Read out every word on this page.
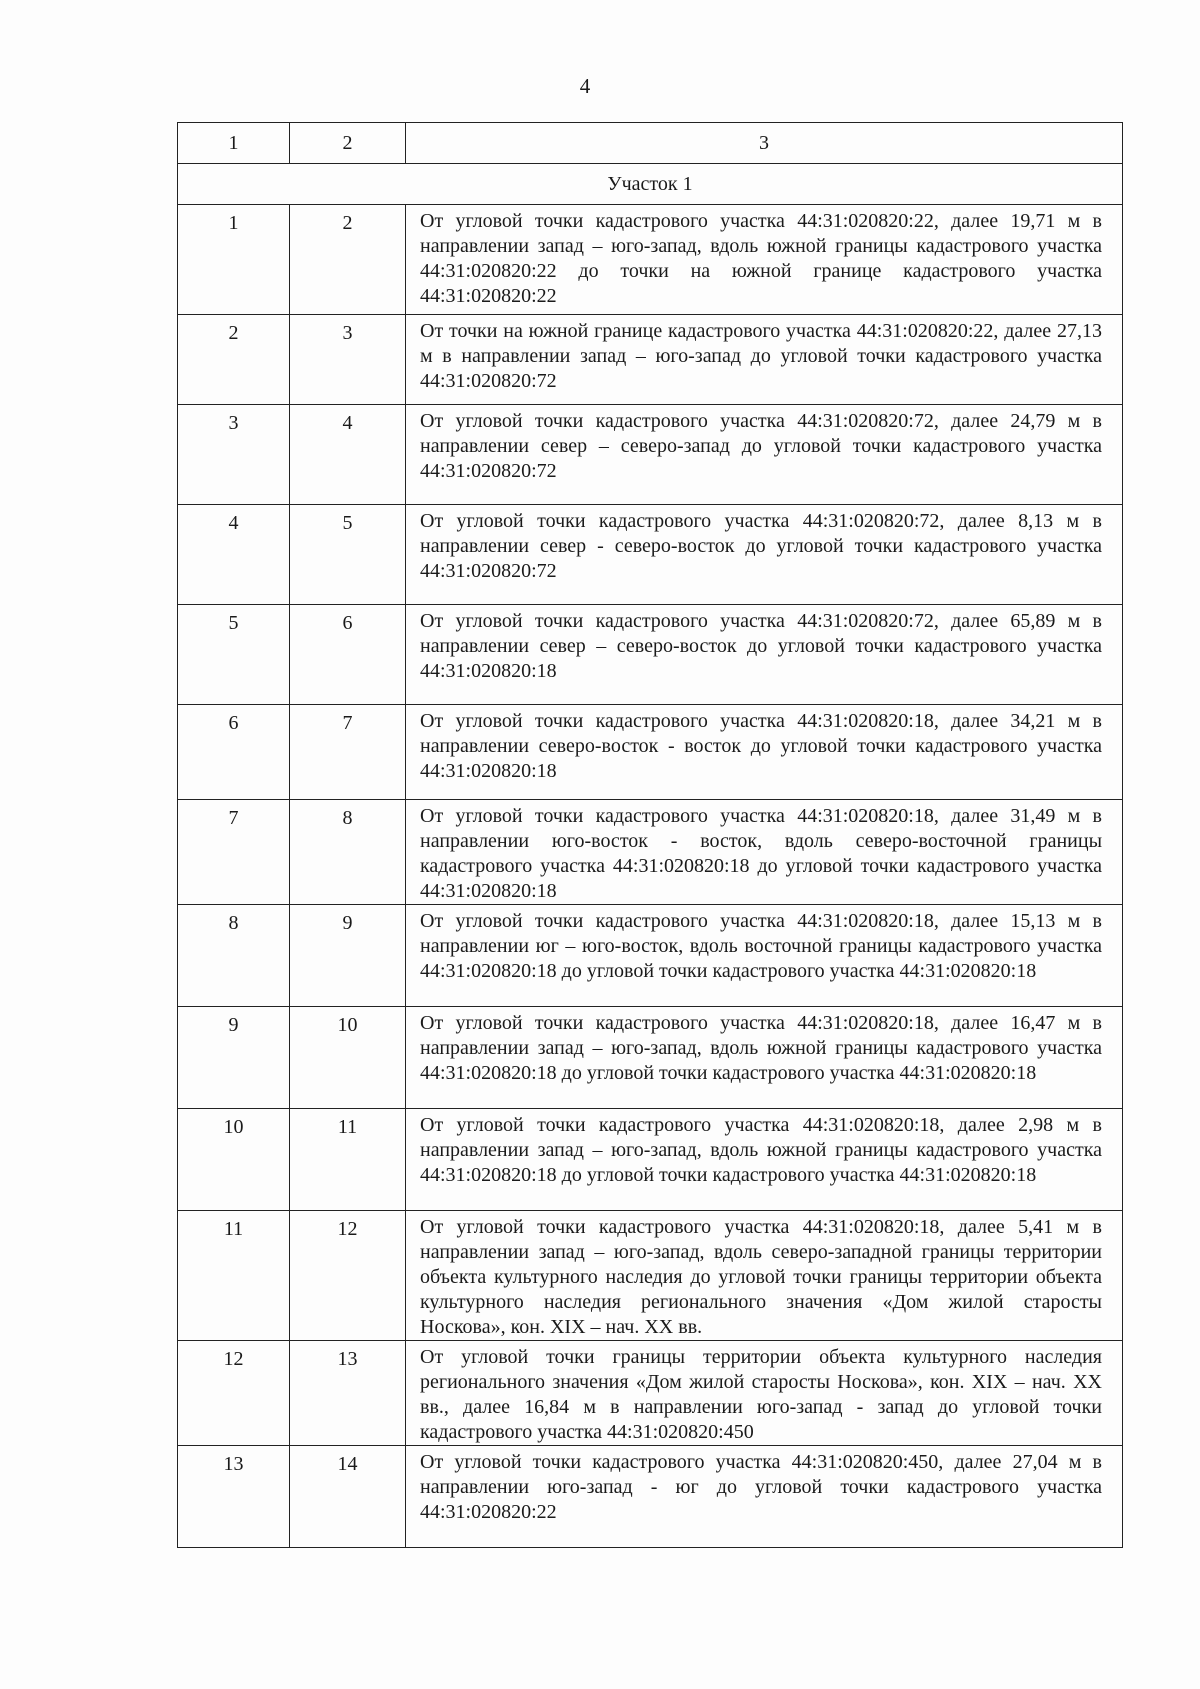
4
1	2	3
Участок 1		
1	2	От угловой точки кадастрового участка 44:31:020820:22, далее 19,71 м в направлении запад – юго-запад, вдоль южной границы кадастрового участка 44:31:020820:22 до точки на южной границе кадастрового участка 44:31:020820:22
2	3	От точки на южной границе кадастрового участка 44:31:020820:22, далее 27,13 м в направлении запад – юго-запад до угловой точки кадастрового участка 44:31:020820:72
3	4	От угловой точки кадастрового участка 44:31:020820:72, далее 24,79 м в направлении север – северо-запад до угловой точки кадастрового участка 44:31:020820:72
4	5	От угловой точки кадастрового участка 44:31:020820:72, далее 8,13 м в направлении север - северо-восток до угловой точки кадастрового участка 44:31:020820:72
5	6	От угловой точки кадастрового участка 44:31:020820:72, далее 65,89 м в направлении север – северо-восток до угловой точки кадастрового участка 44:31:020820:18
6	7	От угловой точки кадастрового участка 44:31:020820:18, далее 34,21 м в направлении северо-восток - восток до угловой точки кадастрового участка 44:31:020820:18
7	8	От угловой точки кадастрового участка 44:31:020820:18, далее 31,49 м в направлении юго-восток - восток, вдоль северо-восточной границы кадастрового участка 44:31:020820:18 до угловой точки кадастрового участка 44:31:020820:18
8	9	От угловой точки кадастрового участка 44:31:020820:18, далее 15,13 м в направлении юг – юго-восток, вдоль восточной границы кадастрового участка 44:31:020820:18 до угловой точки кадастрового участка 44:31:020820:18
9	10	От угловой точки кадастрового участка 44:31:020820:18, далее 16,47 м в направлении запад – юго-запад, вдоль южной границы кадастрового участка 44:31:020820:18 до угловой точки кадастрового участка 44:31:020820:18
10	11	От угловой точки кадастрового участка 44:31:020820:18, далее 2,98 м в направлении запад – юго-запад, вдоль южной границы кадастрового участка 44:31:020820:18 до угловой точки кадастрового участка 44:31:020820:18
11	12	От угловой точки кадастрового участка 44:31:020820:18, далее 5,41 м в направлении запад – юго-запад, вдоль северо-западной границы территории объекта культурного наследия до угловой точки границы территории объекта культурного наследия регионального значения «Дом жилой старосты Носкова», кон. XIX – нач. XX вв.
12	13	От угловой точки границы территории объекта культурного наследия регионального значения «Дом жилой старосты Носкова», кон. XIX – нач. XX вв., далее 16,84 м в направлении юго-запад - запад до угловой точки кадастрового участка 44:31:020820:450
13	14	От угловой точки кадастрового участка 44:31:020820:450, далее 27,04 м в направлении юго-запад - юг до угловой точки кадастрового участка 44:31:020820:22
